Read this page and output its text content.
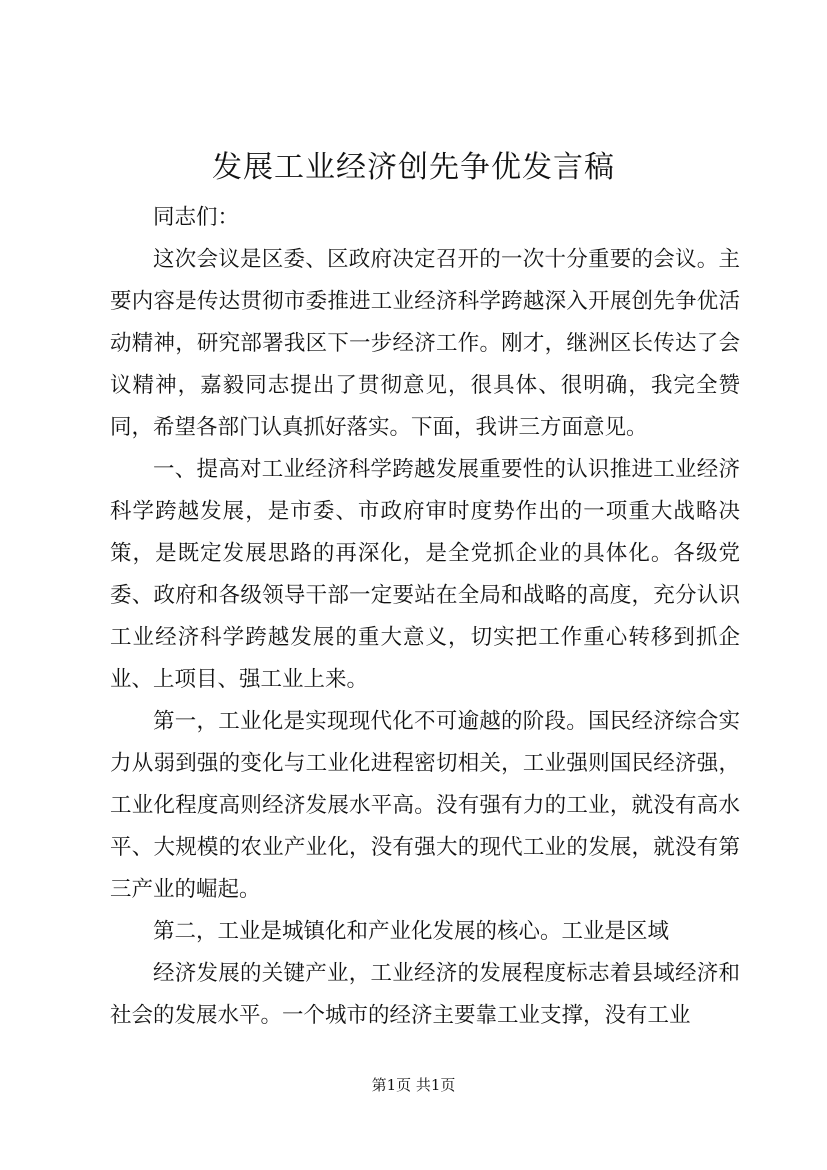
发展工业经济创先争优发言稿

同志们：

这次会议是区委、区政府决定召开的一次十分重要的会议。主要内容是传达贯彻市委推进工业经济科学跨越深入开展创先争优活动精神，研究部署我区下一步经济工作。刚才，继洲区长传达了会议精神，嘉毅同志提出了贯彻意见，很具体、很明确，我完全赞同，希望各部门认真抓好落实。下面，我讲三方面意见。

一、提高对工业经济科学跨越发展重要性的认识推进工业经济科学跨越发展，是市委、市政府审时度势作出的一项重大战略决策，是既定发展思路的再深化，是全党抓企业的具体化。各级党委、政府和各级领导干部一定要站在全局和战略的高度，充分认识工业经济科学跨越发展的重大意义，切实把工作重心转移到抓企业、上项目、强工业上来。

第一，工业化是实现现代化不可逾越的阶段。国民经济综合实力从弱到强的变化与工业化进程密切相关，工业强则国民经济强，工业化程度高则经济发展水平高。没有强有力的工业，就没有高水平、大规模的农业产业化，没有强大的现代工业的发展，就没有第三产业的崛起。

第二，工业是城镇化和产业化发展的核心。工业是区域

经济发展的关键产业，工业经济的发展程度标志着县域经济和社会的发展水平。一个城市的经济主要靠工业支撑，没有工业

第1页 共1页
